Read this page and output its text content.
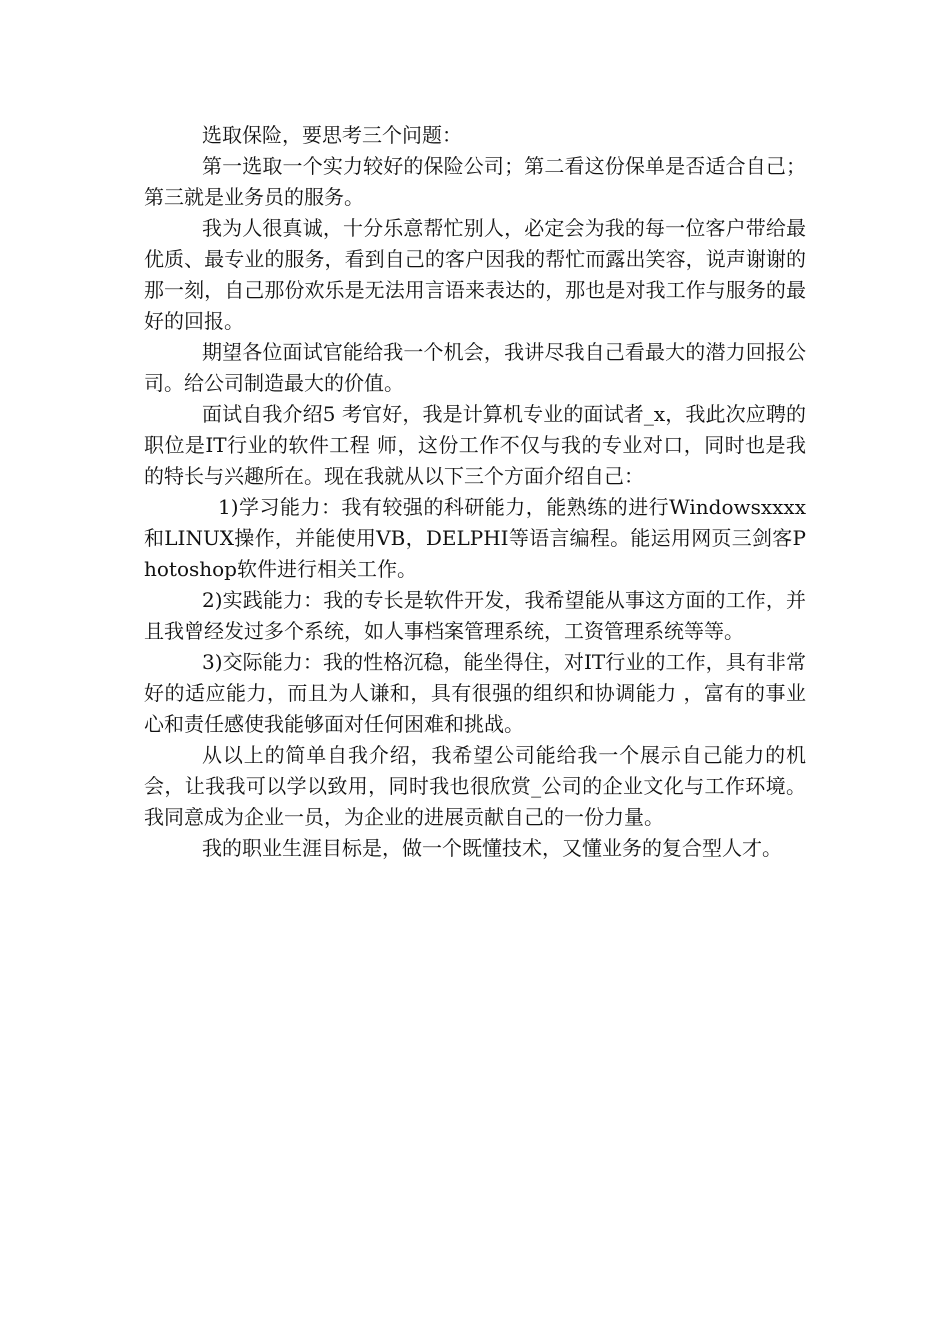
选取保险，要思考三个问题：

第一选取一个实力较好的保险公司；第二看这份保单是否适合自己；第三就是业务员的服务。

我为人很真诚，十分乐意帮忙别人，必定会为我的每一位客户带给最优质、最专业的服务，看到自己的客户因我的帮忙而露出笑容，说声谢谢的那一刻，自己那份欢乐是无法用言语来表达的，那也是对我工作与服务的最好的回报。

期望各位面试官能给我一个机会，我讲尽我自己看最大的潜力回报公司。给公司制造最大的价值。

面试自我介绍5 考官好，我是计算机专业的面试者_x，我此次应聘的职位是IT行业的软件工程 师，这份工作不仅与我的专业对口，同时也是我的特长与兴趣所在。现在我就从以下三个方面介绍自己：

1)学习能力：我有较强的科研能力，能熟练的进行Windowsxxxx和LINUX操作，并能使用VB，DELPHI等语言编程。能运用网页三剑客Photoshop软件进行相关工作。

2)实践能力：我的专长是软件开发，我希望能从事这方面的工作，并且我曾经发过多个系统，如人事档案管理系统，工资管理系统等等。

3)交际能力：我的性格沉稳，能坐得住，对IT行业的工作，具有非常好的适应能力，而且为人谦和，具有很强的组织和协调能力 ，富有的事业心和责任感使我能够面对任何困难和挑战。

从以上的简单自我介绍，我希望公司能给我一个展示自己能力的机会，让我我可以学以致用，同时我也很欣赏_公司的企业文化与工作环境。我同意成为企业一员，为企业的进展贡献自己的一份力量。

我的职业生涯目标是，做一个既懂技术，又懂业务的复合型人才。
